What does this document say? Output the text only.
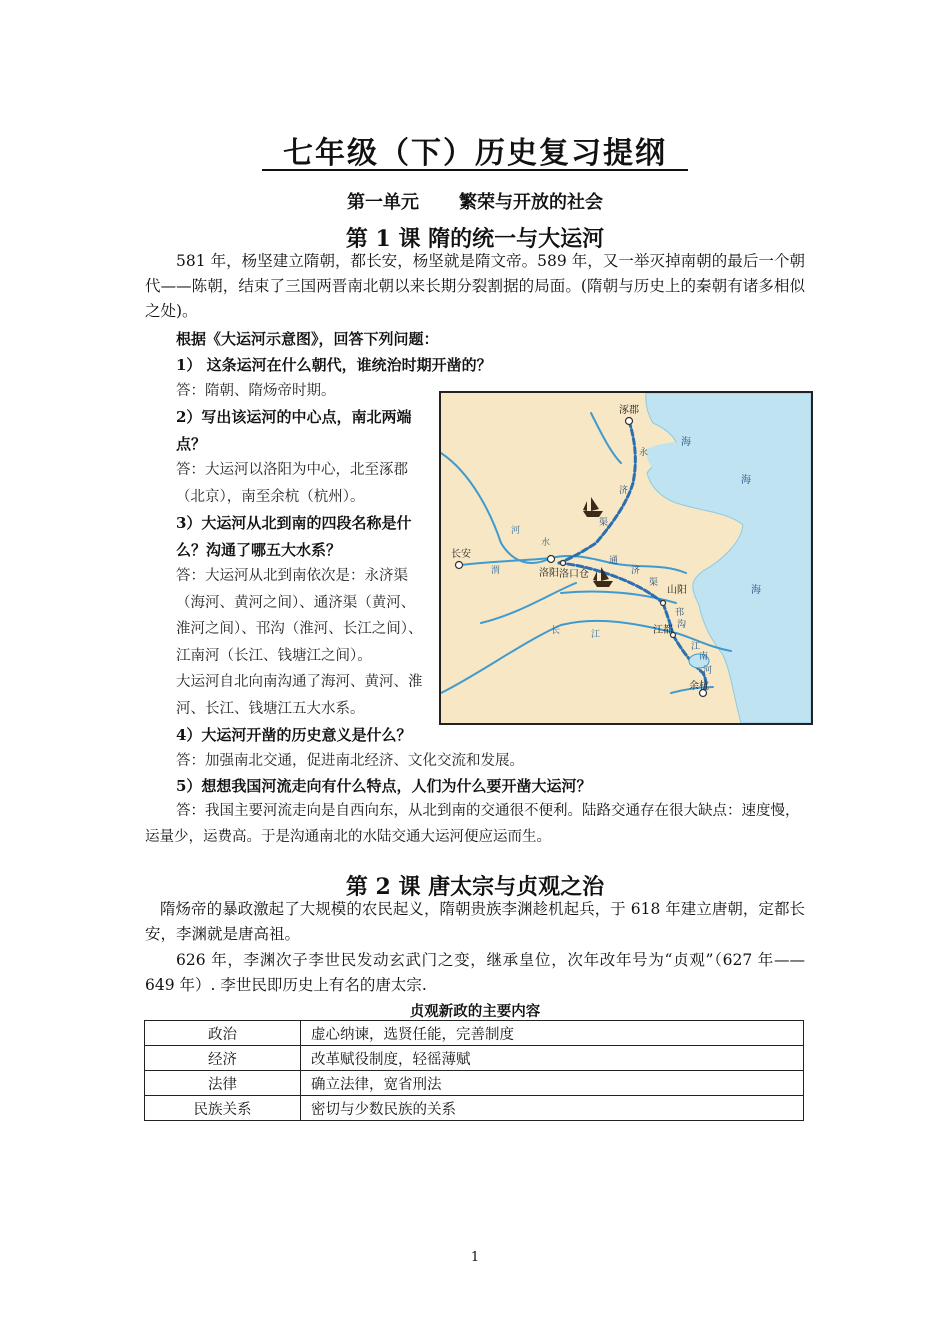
七年级（下）历史复习提纲
第一单元 繁荣与开放的社会
第 1 课 隋的统一与大运河
581 年，杨坚建立隋朝，都长安，杨坚就是隋文帝。589 年，又一举灭掉南朝的最后一个朝代——陈朝，结束了三国两晋南北朝以来长期分裂割据的局面。(隋朝与历史上的秦朝有诸多相似之处)。
根据《大运河示意图》，回答下列问题：
1） 这条运河在什么朝代，谁统治时期开凿的？
答：隋朝、隋炀帝时期。
2）写出该运河的中心点，南北两端点？
答：大运河以洛阳为中心，北至涿郡（北京），南至余杭（杭州）。
3）大运河从北到南的四段名称是什么？沟通了哪五大水系？
答：大运河从北到南依次是：永济渠（海河、黄河之间）、通济渠（黄河、淮河之间）、邗沟（淮河、长江之间）、江南河（长江、钱塘江之间）。
大运河自北向南沟通了海河、黄河、淮河、长江、钱塘江五大水系。
4）大运河开凿的历史意义是什么？
涿郡
长安
洛阳 洛口仓
山阳
江都
余杭
永
济
渠
通
济
渠
邗
沟
江
南
河
海
海
海
河
江
长
水
渭
答：加强南北交通，促进南北经济、文化交流和发展。
5）想想我国河流走向有什么特点，人们为什么要开凿大运河？
答：我国主要河流走向是自西向东，从北到南的交通很不便利。陆路交通存在很大缺点：速度慢，运量少，运费高。于是沟通南北的水陆交通大运河便应运而生。
第 2 课 唐太宗与贞观之治
隋炀帝的暴政激起了大规模的农民起义，隋朝贵族李渊趁机起兵，于 618 年建立唐朝，定都长安，李渊就是唐高祖。
626 年，李渊次子李世民发动玄武门之变，继承皇位，次年改年号为“贞观”（627 年——649 年）. 李世民即历史上有名的唐太宗.
贞观新政的主要内容
政治	虚心纳谏，选贤任能，完善制度
经济	改革赋役制度，轻徭薄赋
法律	确立法律，宽省刑法
民族关系	密切与少数民族的关系
1
